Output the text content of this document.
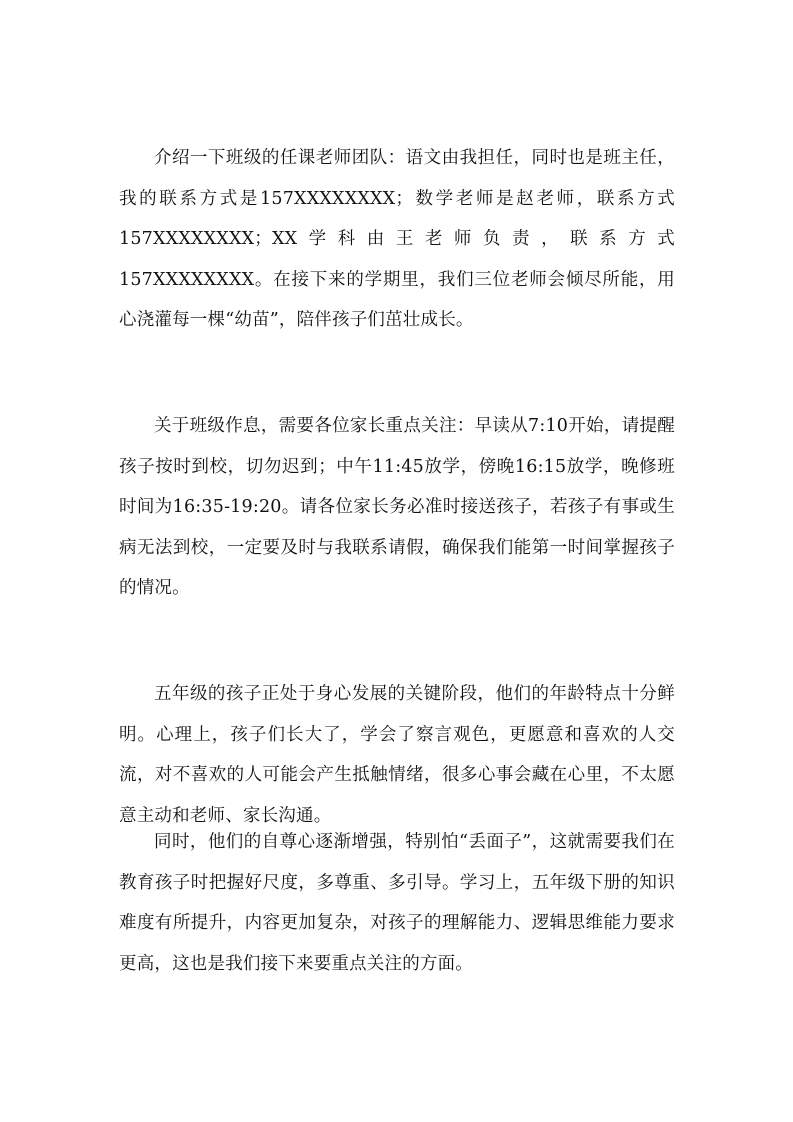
介绍一下班级的任课老师团队：语文由我担任，同时也是班主任，我的联系方式是157XXXXXXXX；数学老师是赵老师，联系方式157XXXXXXXX；XX学科由王老师负责，联系方式157XXXXXXXX。在接下来的学期里，我们三位老师会倾尽所能，用心浇灌每一棵“幼苗”，陪伴孩子们茁壮成长。

关于班级作息，需要各位家长重点关注：早读从7:10开始，请提醒孩子按时到校，切勿迟到；中午11:45放学，傍晚16:15放学，晚修班时间为16:35-19:20。请各位家长务必准时接送孩子，若孩子有事或生病无法到校，一定要及时与我联系请假，确保我们能第一时间掌握孩子的情况。

五年级的孩子正处于身心发展的关键阶段，他们的年龄特点十分鲜明。心理上，孩子们长大了，学会了察言观色，更愿意和喜欢的人交流，对不喜欢的人可能会产生抵触情绪，很多心事会藏在心里，不太愿意主动和老师、家长沟通。

同时，他们的自尊心逐渐增强，特别怕“丢面子”，这就需要我们在教育孩子时把握好尺度，多尊重、多引导。学习上，五年级下册的知识难度有所提升，内容更加复杂，对孩子的理解能力、逻辑思维能力要求更高，这也是我们接下来要重点关注的方面。
